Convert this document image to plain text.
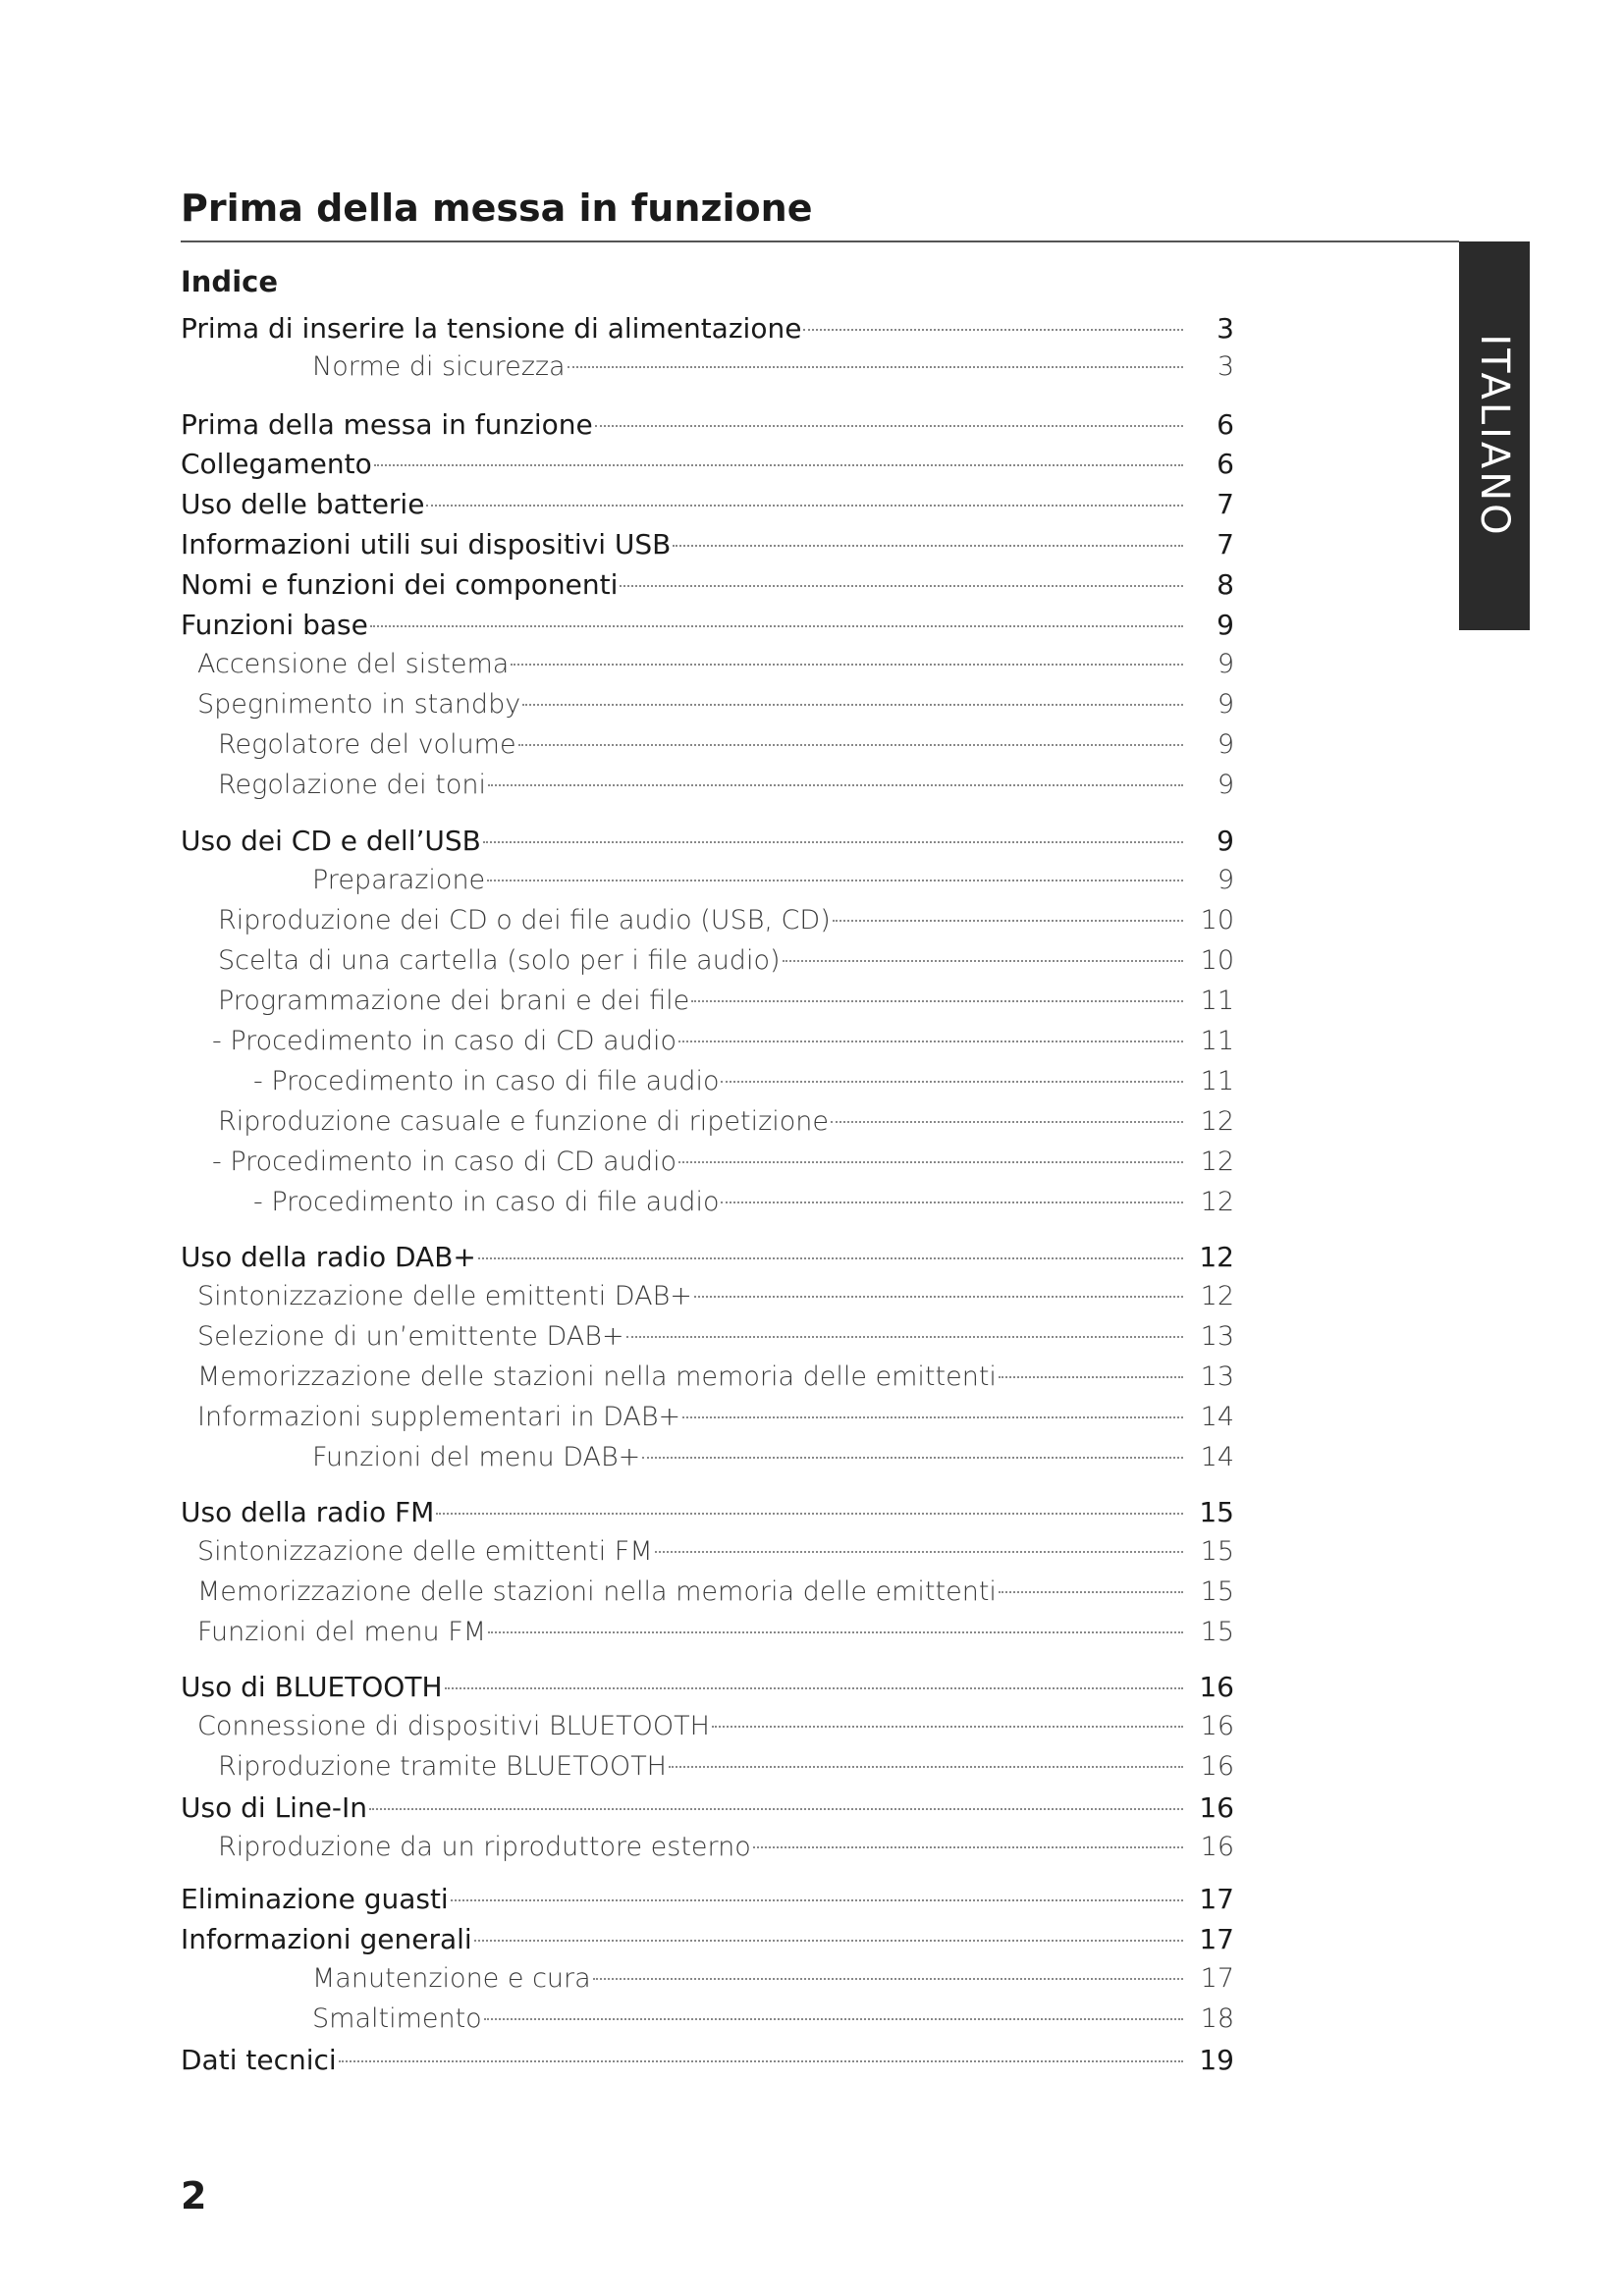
Prima della messa in funzione
ITALIANO
Indice
Prima di inserire la tensione di alimentazione	3
Norme di sicurezza	3
Prima della messa in funzione	6
Collegamento	6
Uso delle batterie	7
Informazioni utili sui dispositivi USB	7
Nomi e funzioni dei componenti	8
Funzioni base	9
Accensione del sistema	9
Spegnimento in standby	9
Regolatore del volume	9
Regolazione dei toni	9
Uso dei CD e dell’USB	9
Preparazione	9
Riproduzione dei CD o dei file audio (USB, CD)	10
Scelta di una cartella (solo per i file audio)	10
Programmazione dei brani e dei file	11
- Procedimento in caso di CD audio	11
- Procedimento in caso di file audio	11
Riproduzione casuale e funzione di ripetizione	12
- Procedimento in caso di CD audio	12
- Procedimento in caso di file audio	12
Uso della radio DAB+	12
Sintonizzazione delle emittenti DAB+	12
Selezione di un’emittente DAB+	13
Memorizzazione delle stazioni nella memoria delle emittenti	13
Informazioni supplementari in DAB+	14
Funzioni del menu DAB+	14
Uso della radio FM	15
Sintonizzazione delle emittenti FM	15
Memorizzazione delle stazioni nella memoria delle emittenti	15
Funzioni del menu FM	15
Uso di BLUETOOTH	16
Connessione di dispositivi BLUETOOTH	16
Riproduzione tramite BLUETOOTH	16
Uso di Line-In	16
Riproduzione da un riproduttore esterno	16
Eliminazione guasti	17
Informazioni generali	17
Manutenzione e cura	17
Smaltimento	18
Dati tecnici	19
2
